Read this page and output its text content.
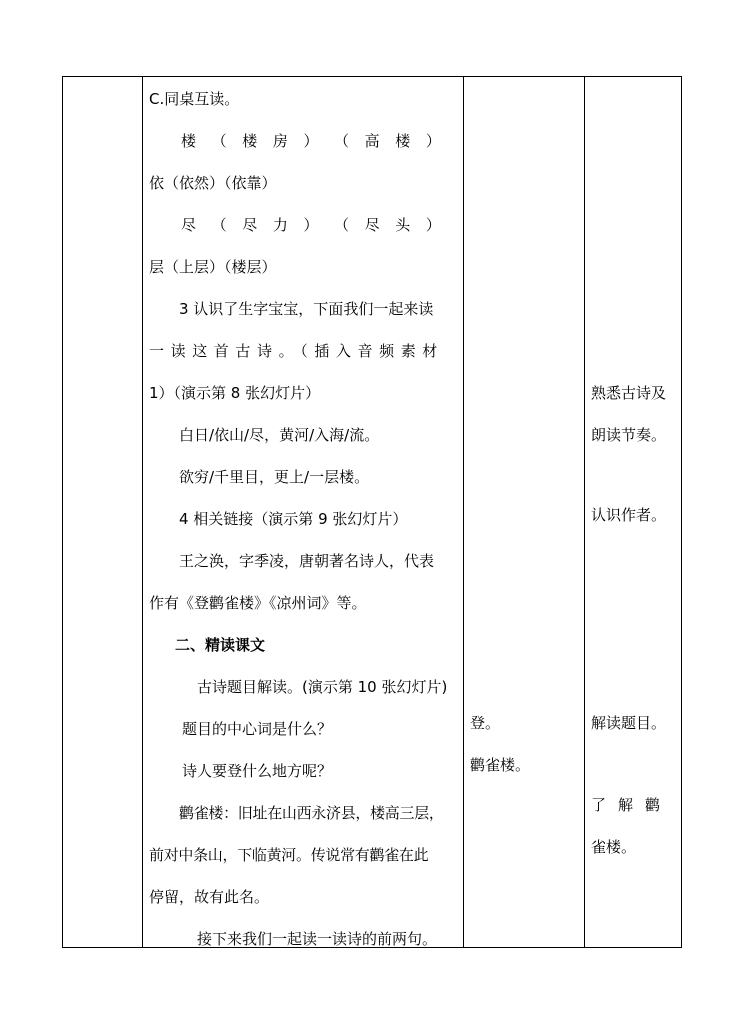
C.同桌互读。
楼 （ 楼 房 ） （ 高 楼 ）
依（依然）（依靠）
尽 （ 尽 力 ） （ 尽 头 ）
层（上层）（楼层）
3 认识了生字宝宝，下面我们一起来读
一读这首古诗。（插入音频素材
1）（演示第 8 张幻灯片）
白日/依山/尽，黄河/入海/流。
欲穷/千里目，更上/一层楼。
4 相关链接（演示第 9 张幻灯片）
王之涣，字季凌，唐朝著名诗人，代表
作有《登鹳雀楼》《凉州词》等。
二、精读课文
古诗题目解读。(演示第 10 张幻灯片)
题目的中心词是什么？
诗人要登什么地方呢？
鹳雀楼：旧址在山西永济县，楼高三层，
前对中条山，下临黄河。传说常有鹳雀在此
停留，故有此名。
接下来我们一起读一读诗的前两句。
登。
鹳雀楼。
熟悉古诗及
朗读节奏。
认识作者。
解读题目。
了解鹳
雀楼。
